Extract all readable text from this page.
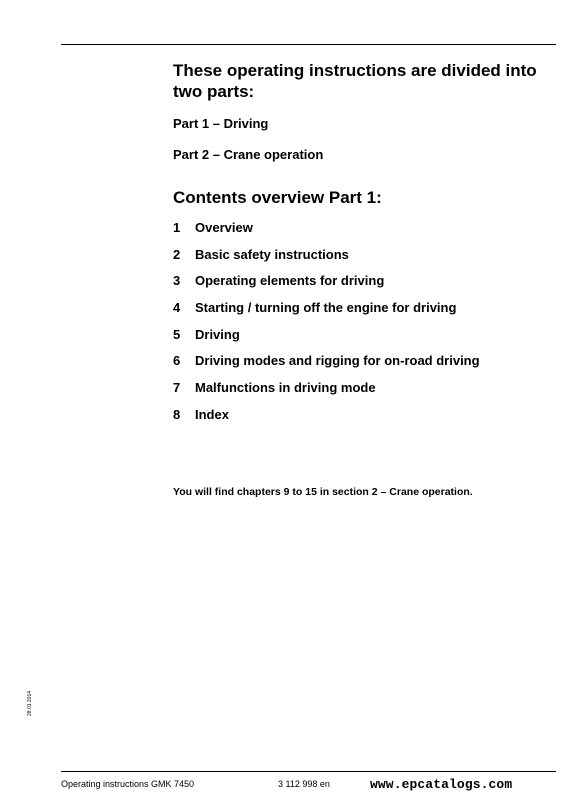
These operating instructions are divided into
two parts:
Part 1 – Driving
Part 2 – Crane operation
Contents overview Part 1:
1	Overview
2	Basic safety instructions
3	Operating elements for driving
4	Starting / turning off the engine for driving
5	Driving
6	Driving modes and rigging for on-road driving
7	Malfunctions in driving mode
8	Index
You will find chapters 9 to 15 in section 2 – Crane operation.
28.01.2014
Operating instructions GMK 7450	3 112 998 en	www.epcatalogs.com
